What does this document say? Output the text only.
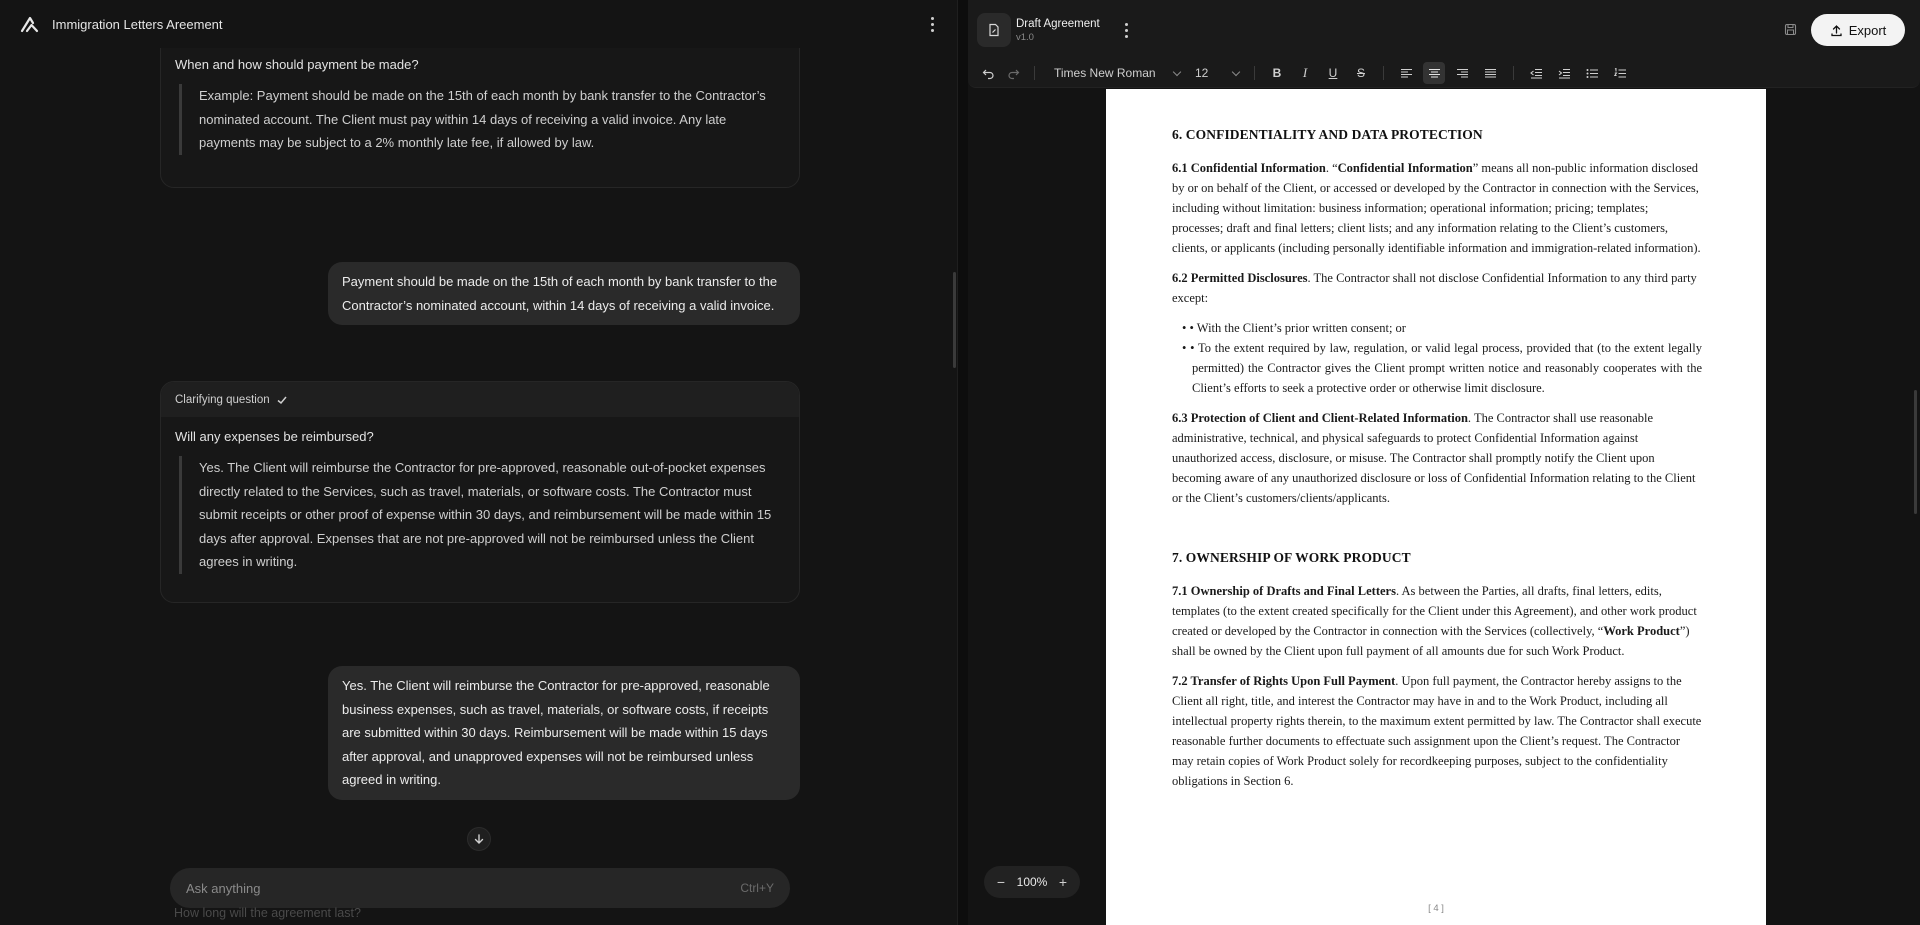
Immigration Letters Areement
When and how should payment be made?
Example: Payment should be made on the 15th of each month by bank transfer to the Contractor’s nominated account. The Client must pay within 14 days of receiving a valid invoice. Any late payments may be subject to a 2% monthly late fee, if allowed by law.
Payment should be made on the 15th of each month by bank transfer to the Contractor’s nominated account, within 14 days of receiving a valid invoice.
Clarifying question
Will any expenses be reimbursed?
Yes. The Client will reimburse the Contractor for pre-approved, reasonable out-of-pocket expenses directly related to the Services, such as travel, materials, or software costs. The Contractor must submit receipts or other proof of expense within 30 days, and reimbursement will be made within 15 days after approval. Expenses that are not pre-approved will not be reimbursed unless the Client agrees in writing.
Yes. The Client will reimburse the Contractor for pre-approved, reasonable business expenses, such as travel, materials, or software costs, if receipts are submitted within 30 days. Reimbursement will be made within 15 days after approval, and unapproved expenses will not be reimbursed unless agreed in writing.
Ask anything
Ctrl+Y
How long will the agreement last?
Draft Agreement
v1.0	Export
Times New Roman	12	B	I	U	S
6. CONFIDENTIALITY AND DATA PROTECTION

6.1 Confidential Information. “Confidential Information” means all non-public information disclosed by or on behalf of the Client, or accessed or developed by the Contractor in connection with the Services, including without limitation: business information; operational information; pricing; templates; processes; draft and final letters; client lists; and any information relating to the Client’s customers, clients, or applicants (including personally identifiable information and immigration-related information).

6.2 Permitted Disclosures. The Contractor shall not disclose Confidential Information to any third party except:

• • With the Client’s prior written consent; or
• • To the extent required by law, regulation, or valid legal process, provided that (to the extent legally permitted) the Contractor gives the Client prompt written notice and reasonably cooperates with the Client’s efforts to seek a protective order or otherwise limit disclosure.

6.3 Protection of Client and Client-Related Information. The Contractor shall use reasonable administrative, technical, and physical safeguards to protect Confidential Information against unauthorized access, disclosure, or misuse. The Contractor shall promptly notify the Client upon becoming aware of any unauthorized disclosure or loss of Confidential Information relating to the Client or the Client’s customers/clients/applicants.

7. OWNERSHIP OF WORK PRODUCT

7.1 Ownership of Drafts and Final Letters. As between the Parties, all drafts, final letters, edits, templates (to the extent created specifically for the Client under this Agreement), and other work product created or developed by the Contractor in connection with the Services (collectively, “Work Product”) shall be owned by the Client upon full payment of all amounts due for such Work Product.

7.2 Transfer of Rights Upon Full Payment. Upon full payment, the Contractor hereby assigns to the Client all right, title, and interest the Contractor may have in and to the Work Product, including all intellectual property rights therein, to the maximum extent permitted by law. The Contractor shall execute reasonable further documents to effectuate such assignment upon the Client’s request. The Contractor may retain copies of Work Product solely for recordkeeping purposes, subject to the confidentiality obligations in Section 6.

[ 4 ]
− 100% +
